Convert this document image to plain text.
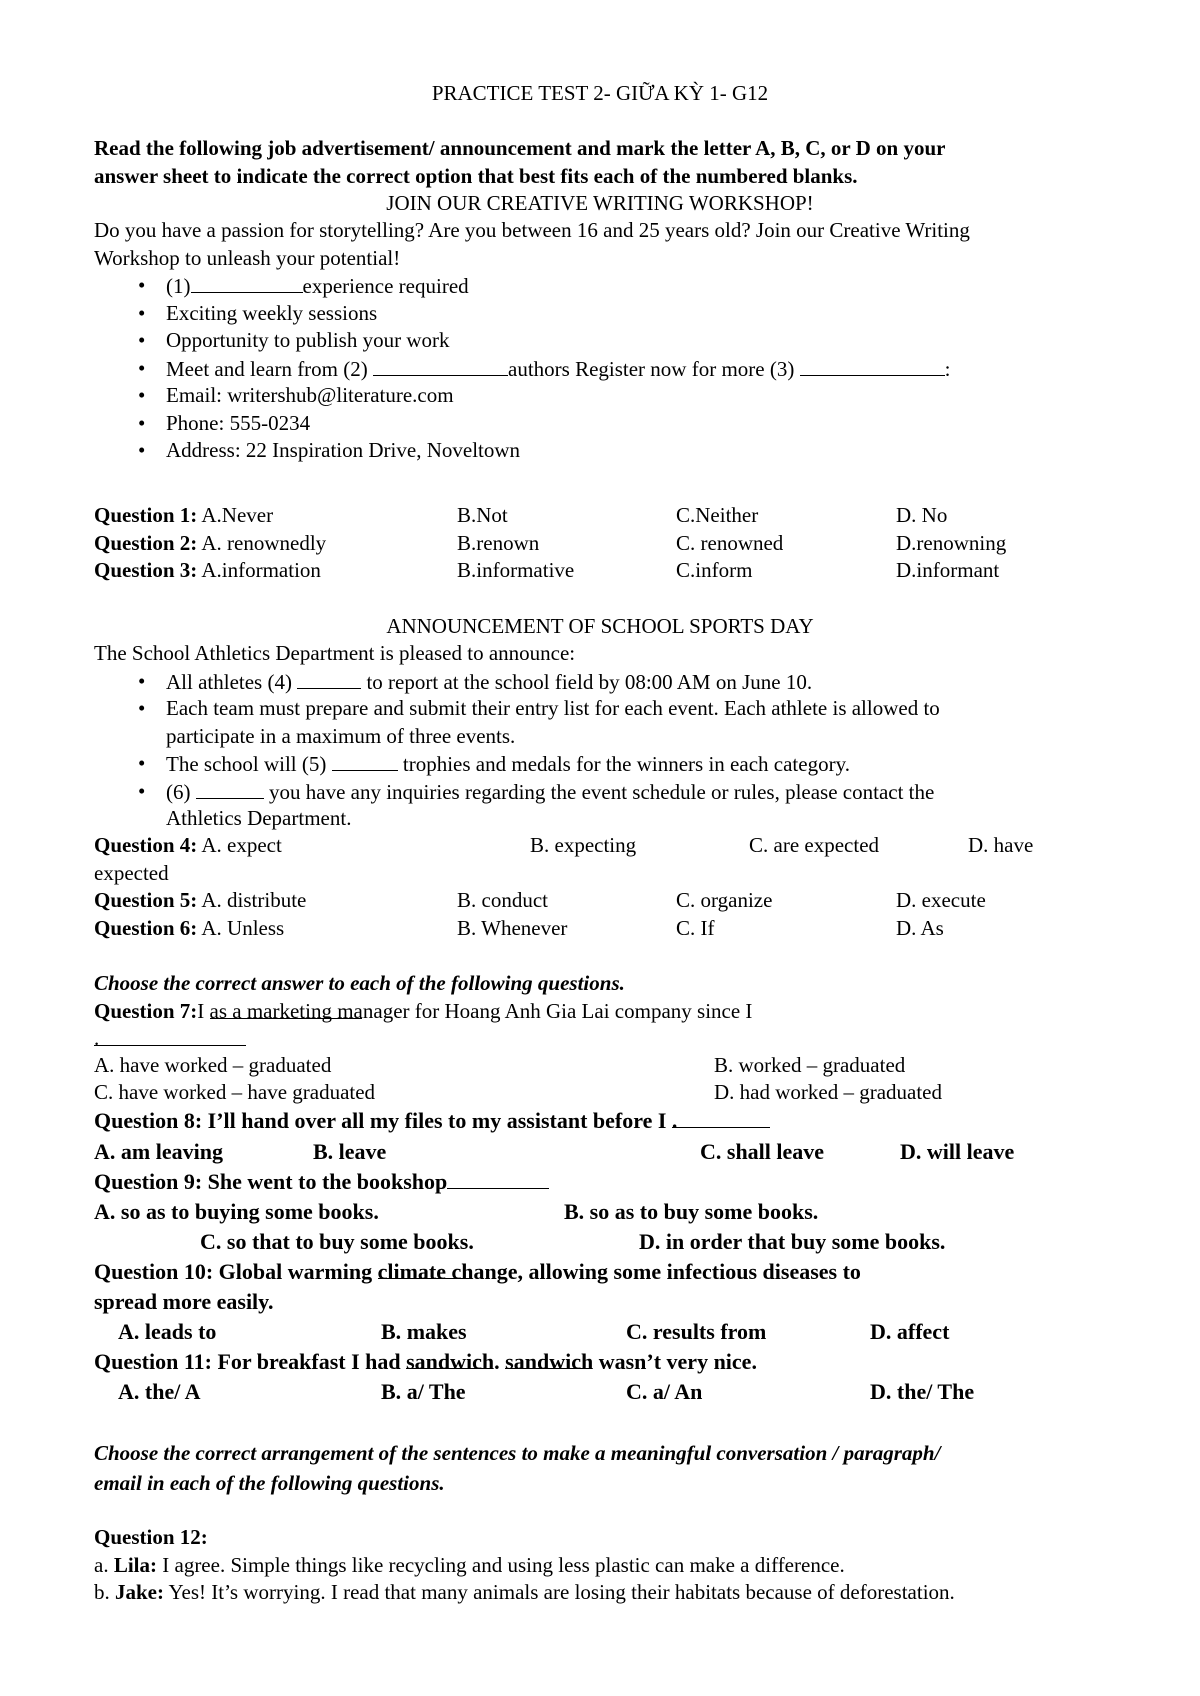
PRACTICE TEST 2- GIỮA KỲ 1- G12
Read the following job advertisement/ announcement and mark the letter A, B, C, or D on your
answer sheet to indicate the correct option that best fits each of the numbered blanks.
JOIN OUR CREATIVE WRITING WORKSHOP!
Do you have a passion for storytelling? Are you between 16 and 25 years old? Join our Creative Writing
Workshop to unleash your potential!
• (1)	experience required
• Exciting weekly sessions
• Opportunity to publish your work
• Meet and learn from (2)	authors Register now for more (3)	:
• Email: writershub@literature.com
• Phone: 555-0234
• Address: 22 Inspiration Drive, Noveltown
Question 1: A.Never	B.Not	C.Neither	D. No
Question 2: A. renownedly	B.renown	C. renowned	D.renowning
Question 3: A.information	B.informative	C.inform	D.informant
ANNOUNCEMENT OF SCHOOL SPORTS DAY
The School Athletics Department is pleased to announce:
• All athletes (4)	to report at the school field by 08:00 AM on June 10.
• Each team must prepare and submit their entry list for each event. Each athlete is allowed to
participate in a maximum of three events.
• The school will (5)	trophies and medals for the winners in each category.
• (6)	you have any inquiries regarding the event schedule or rules, please contact the
Athletics Department.
Question 4: A. expect	B. expecting	C. are expected	D. have
expected
Question 5: A. distribute	B. conduct	C. organize	D. execute
Question 6: A. Unless	B. Whenever	C. If	D. As
Choose the correct answer to each of the following questions.
Question 7:I
as a marketing manager for Hoang Anh Gia Lai company since I
.
A. have worked – graduated	B. worked – graduated
C. have worked – have graduated	D. had worked – graduated
Question 8: I’ll hand over all my files to my assistant before I
.
A. am leaving	B. leave	C. shall leave	D. will leave
Question 9: She went to the bookshop
A. so as to buying some books.	B. so as to buy some books.
C. so that to buy some books.	D. in order that buy some books.
Question 10: Global warming
climate change, allowing some infectious diseases to
spread more easily.
A. leads to	B. makes	C. results from	D. affect
Question 11: For breakfast I had
sandwich.
sandwich wasn’t very nice.
A. the/ A	B. a/ The	C. a/ An	D. the/ The
Choose the correct arrangement of the sentences to make a meaningful conversation / paragraph/
email in each of the following questions.
Question 12:
a. Lila: I agree. Simple things like recycling and using less plastic can make a difference.
b. Jake: Yes! It’s worrying. I read that many animals are losing their habitats because of deforestation.
